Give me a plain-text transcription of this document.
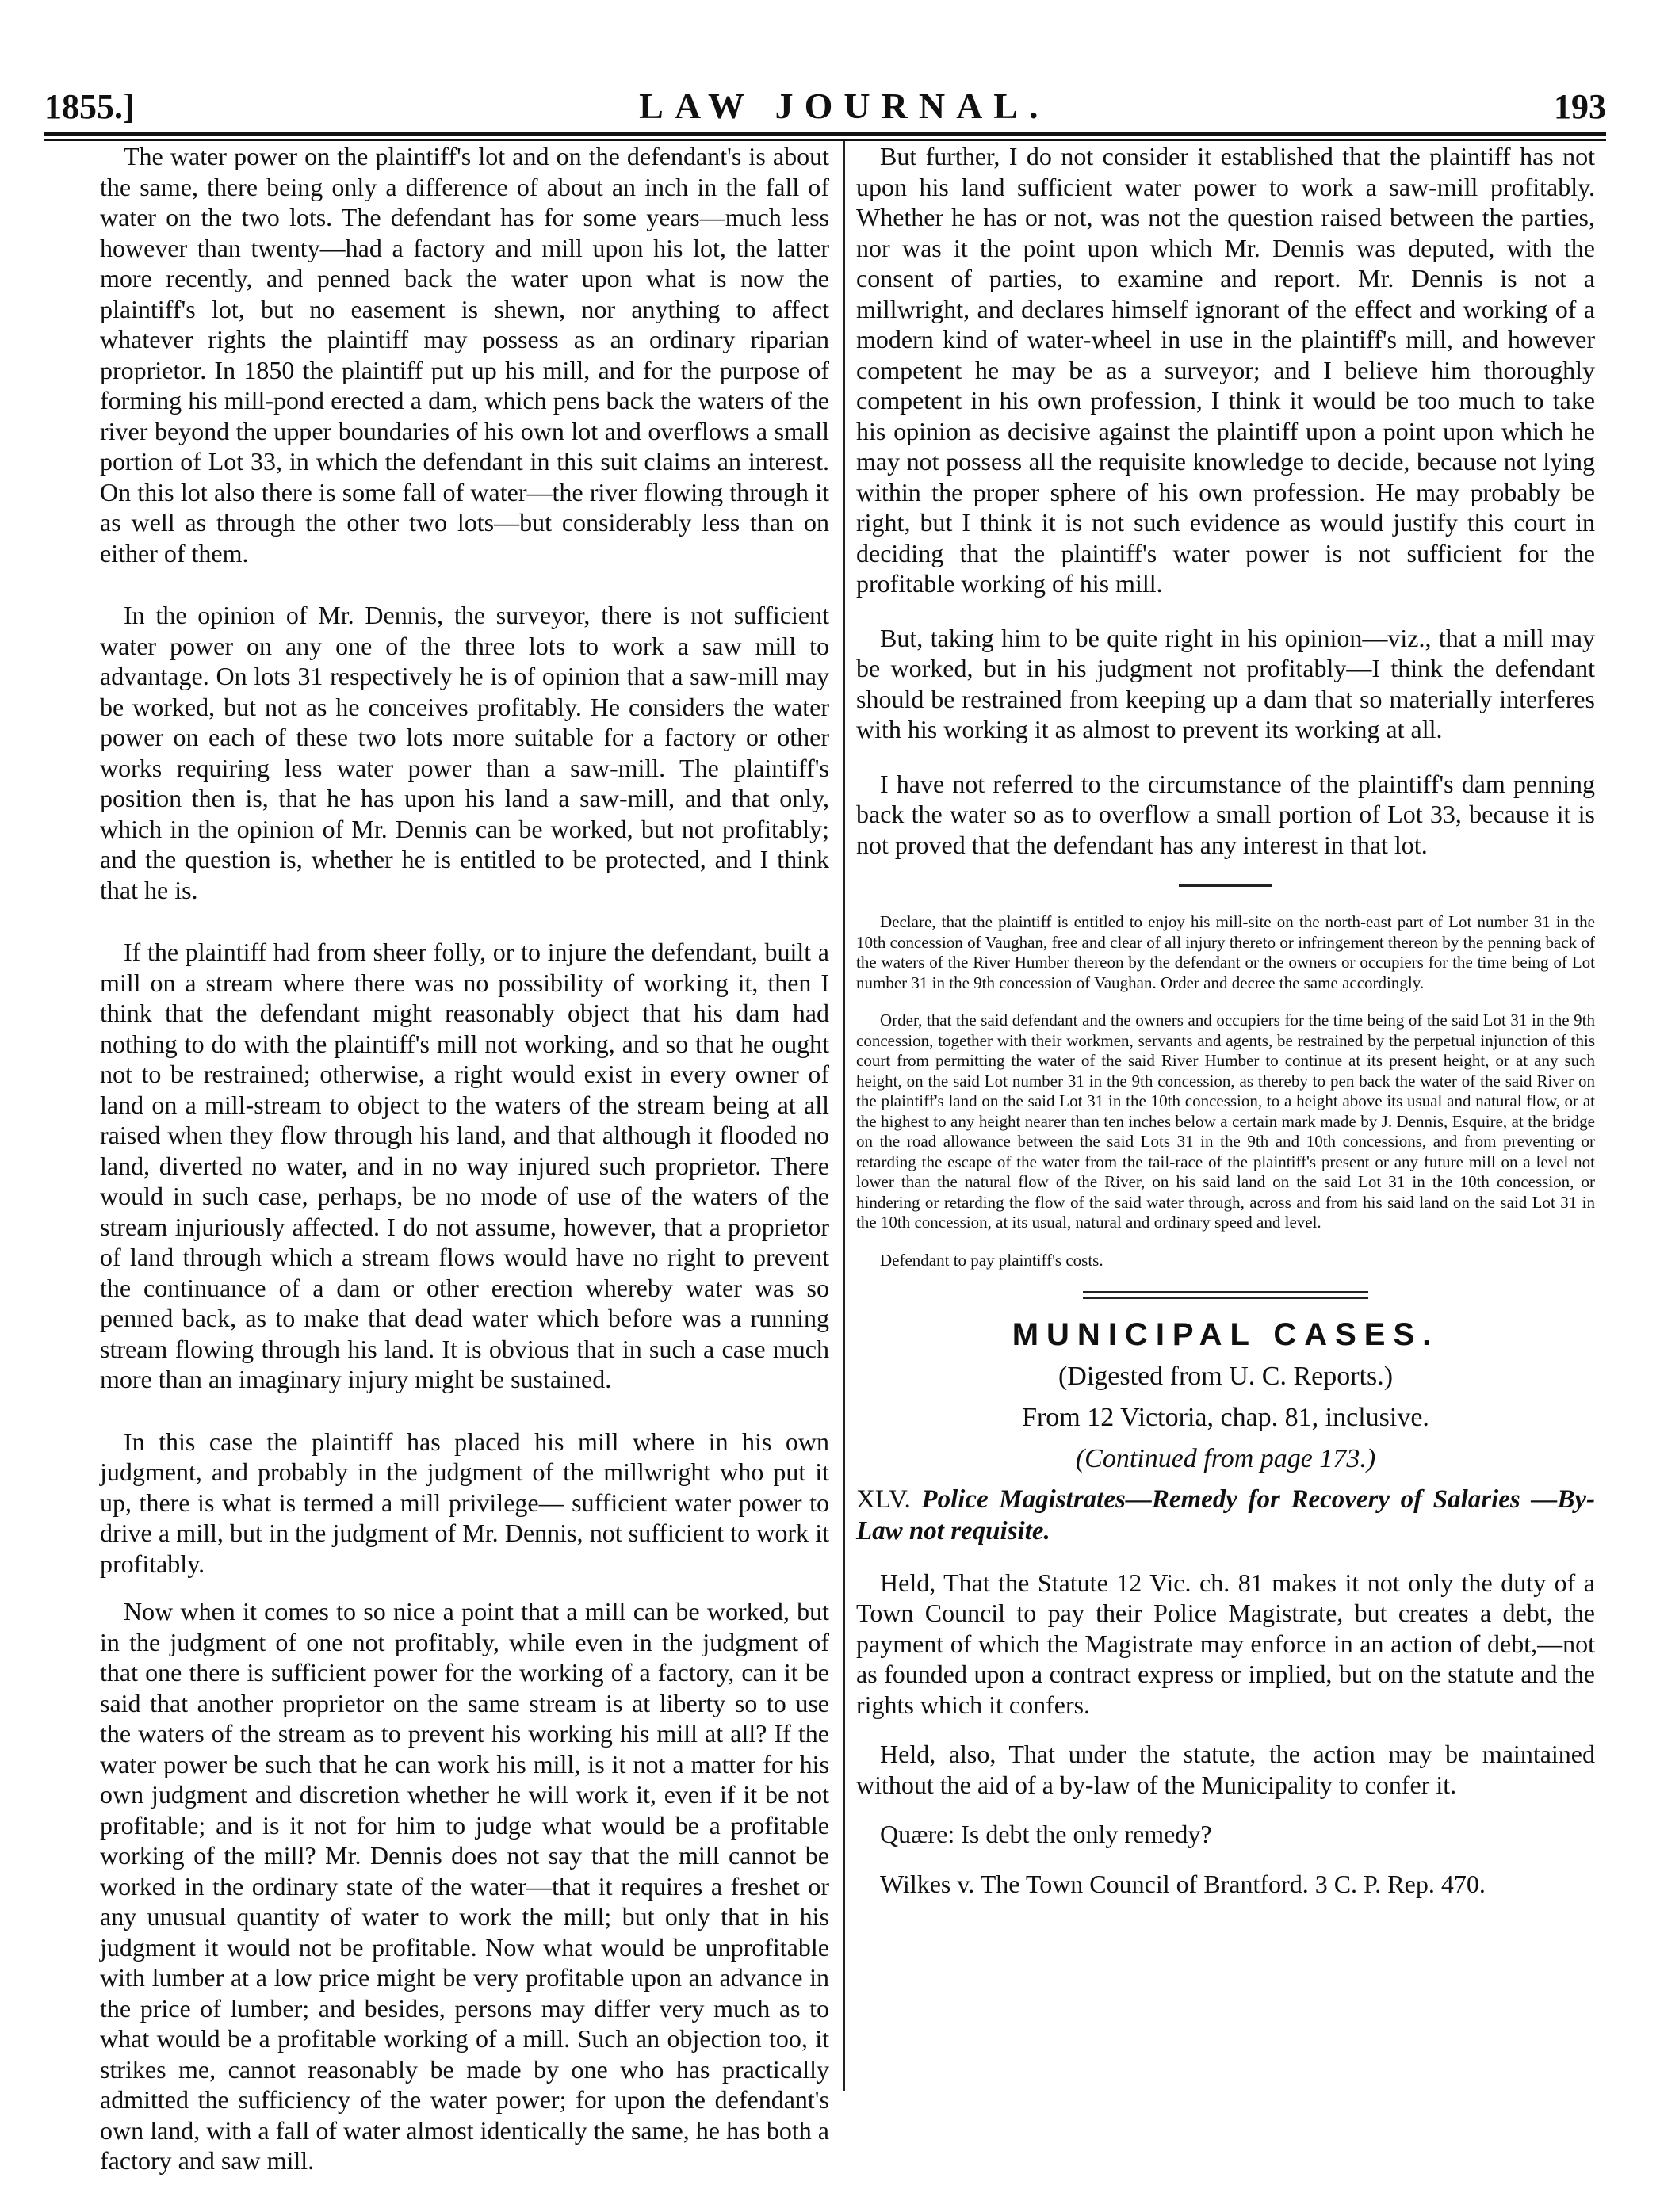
1855.]	LAW JOURNAL.	193

The water power on the plaintiff's lot and on the defendant's is about the same, there being only a difference of about an inch in the fall of water on the two lots. The defendant has for some years—much less however than twenty—had a factory and mill upon his lot, the latter more recently, and penned back the water upon what is now the plaintiff's lot, but no easement is shewn, nor anything to affect whatever rights the plaintiff may possess as an ordinary riparian proprietor. In 1850 the plaintiff put up his mill, and for the purpose of forming his mill-pond erected a dam, which pens back the waters of the river beyond the upper boundaries of his own lot and overflows a small portion of Lot 33, in which the defendant in this suit claims an interest. On this lot also there is some fall of water—the river flowing through it as well as through the other two lots—but considerably less than on either of them.

In the opinion of Mr. Dennis, the surveyor, there is not sufficient water power on any one of the three lots to work a saw mill to advantage. On lots 31 respectively he is of opinion that a saw-mill may be worked, but not as he conceives profitably. He considers the water power on each of these two lots more suitable for a factory or other works requiring less water power than a saw-mill. The plaintiff's position then is, that he has upon his land a saw-mill, and that only, which in the opinion of Mr. Dennis can be worked, but not profitably; and the question is, whether he is entitled to be protected, and I think that he is.

If the plaintiff had from sheer folly, or to injure the defendant, built a mill on a stream where there was no possibility of working it, then I think that the defendant might reasonably object that his dam had nothing to do with the plaintiff's mill not working, and so that he ought not to be restrained; otherwise, a right would exist in every owner of land on a mill-stream to object to the waters of the stream being at all raised when they flow through his land, and that although it flooded no land, diverted no water, and in no way injured such proprietor. There would in such case, perhaps, be no mode of use of the waters of the stream injuriously affected. I do not assume, however, that a proprietor of land through which a stream flows would have no right to prevent the continuance of a dam or other erection whereby water was so penned back, as to make that dead water which before was a running stream flowing through his land. It is obvious that in such a case much more than an imaginary injury might be sustained.

In this case the plaintiff has placed his mill where in his own judgment, and probably in the judgment of the millwright who put it up, there is what is termed a mill privilege— sufficient water power to drive a mill, but in the judgment of Mr. Dennis, not sufficient to work it profitably.

Now when it comes to so nice a point that a mill can be worked, but in the judgment of one not profitably, while even in the judgment of that one there is sufficient power for the working of a factory, can it be said that another proprietor on the same stream is at liberty so to use the waters of the stream as to prevent his working his mill at all? If the water power be such that he can work his mill, is it not a matter for his own judgment and discretion whether he will work it, even if it be not profitable; and is it not for him to judge what would be a profitable working of the mill? Mr. Dennis does not say that the mill cannot be worked in the ordinary state of the water—that it requires a freshet or any unusual quantity of water to work the mill; but only that in his judgment it would not be profitable. Now what would be unprofitable with lumber at a low price might be very profitable upon an advance in the price of lumber; and besides, persons may differ very much as to what would be a profitable working of a mill. Such an objection too, it strikes me, cannot reasonably be made by one who has practically admitted the sufficiency of the water power; for upon the defendant's own land, with a fall of water almost identically the same, he has both a factory and saw mill.

But further, I do not consider it established that the plaintiff has not upon his land sufficient water power to work a saw-mill profitably. Whether he has or not, was not the question raised between the parties, nor was it the point upon which Mr. Dennis was deputed, with the consent of parties, to examine and report. Mr. Dennis is not a millwright, and declares himself ignorant of the effect and working of a modern kind of water-wheel in use in the plaintiff's mill, and however competent he may be as a surveyor; and I believe him thoroughly competent in his own profession, I think it would be too much to take his opinion as decisive against the plaintiff upon a point upon which he may not possess all the requisite knowledge to decide, because not lying within the proper sphere of his own profession. He may probably be right, but I think it is not such evidence as would justify this court in deciding that the plaintiff's water power is not sufficient for the profitable working of his mill.

But, taking him to be quite right in his opinion—viz., that a mill may be worked, but in his judgment not profitably—I think the defendant should be restrained from keeping up a dam that so materially interferes with his working it as almost to prevent its working at all.

I have not referred to the circumstance of the plaintiff's dam penning back the water so as to overflow a small portion of Lot 33, because it is not proved that the defendant has any interest in that lot.

Declare, that the plaintiff is entitled to enjoy his mill-site on the north-east part of Lot number 31 in the 10th concession of Vaughan, free and clear of all injury thereto or infringement thereon by the penning back of the waters of the River Humber thereon by the defendant or the owners or occupiers for the time being of Lot number 31 in the 9th concession of Vaughan. Order and decree the same accordingly.

Order, that the said defendant and the owners and occupiers for the time being of the said Lot 31 in the 9th concession, together with their workmen, servants and agents, be restrained by the perpetual injunction of this court from permitting the water of the said River Humber to continue at its present height, or at any such height, on the said Lot number 31 in the 9th concession, as thereby to pen back the water of the said River on the plaintiff's land on the said Lot 31 in the 10th concession, to a height above its usual and natural flow, or at the highest to any height nearer than ten inches below a certain mark made by J. Dennis, Esquire, at the bridge on the road allowance between the said Lots 31 in the 9th and 10th concessions, and from preventing or retarding the escape of the water from the tail-race of the plaintiff's present or any future mill on a level not lower than the natural flow of the River, on his said land on the said Lot 31 in the 10th concession, or hindering or retarding the flow of the said water through, across and from his said land on the said Lot 31 in the 10th concession, at its usual, natural and ordinary speed and level.

Defendant to pay plaintiff's costs.

MUNICIPAL CASES.

(Digested from U. C. Reports.)

From 12 Victoria, chap. 81, inclusive.

(Continued from page 173.)

XLV. Police Magistrates—Remedy for Recovery of Salaries —By-Law not requisite.

Held, That the Statute 12 Vic. ch. 81 makes it not only the duty of a Town Council to pay their Police Magistrate, but creates a debt, the payment of which the Magistrate may enforce in an action of debt,—not as founded upon a contract express or implied, but on the statute and the rights which it confers.

Held, also, That under the statute, the action may be maintained without the aid of a by-law of the Municipality to confer it.

Quære: Is debt the only remedy?

Wilkes v. The Town Council of Brantford. 3 C. P. Rep. 470.
